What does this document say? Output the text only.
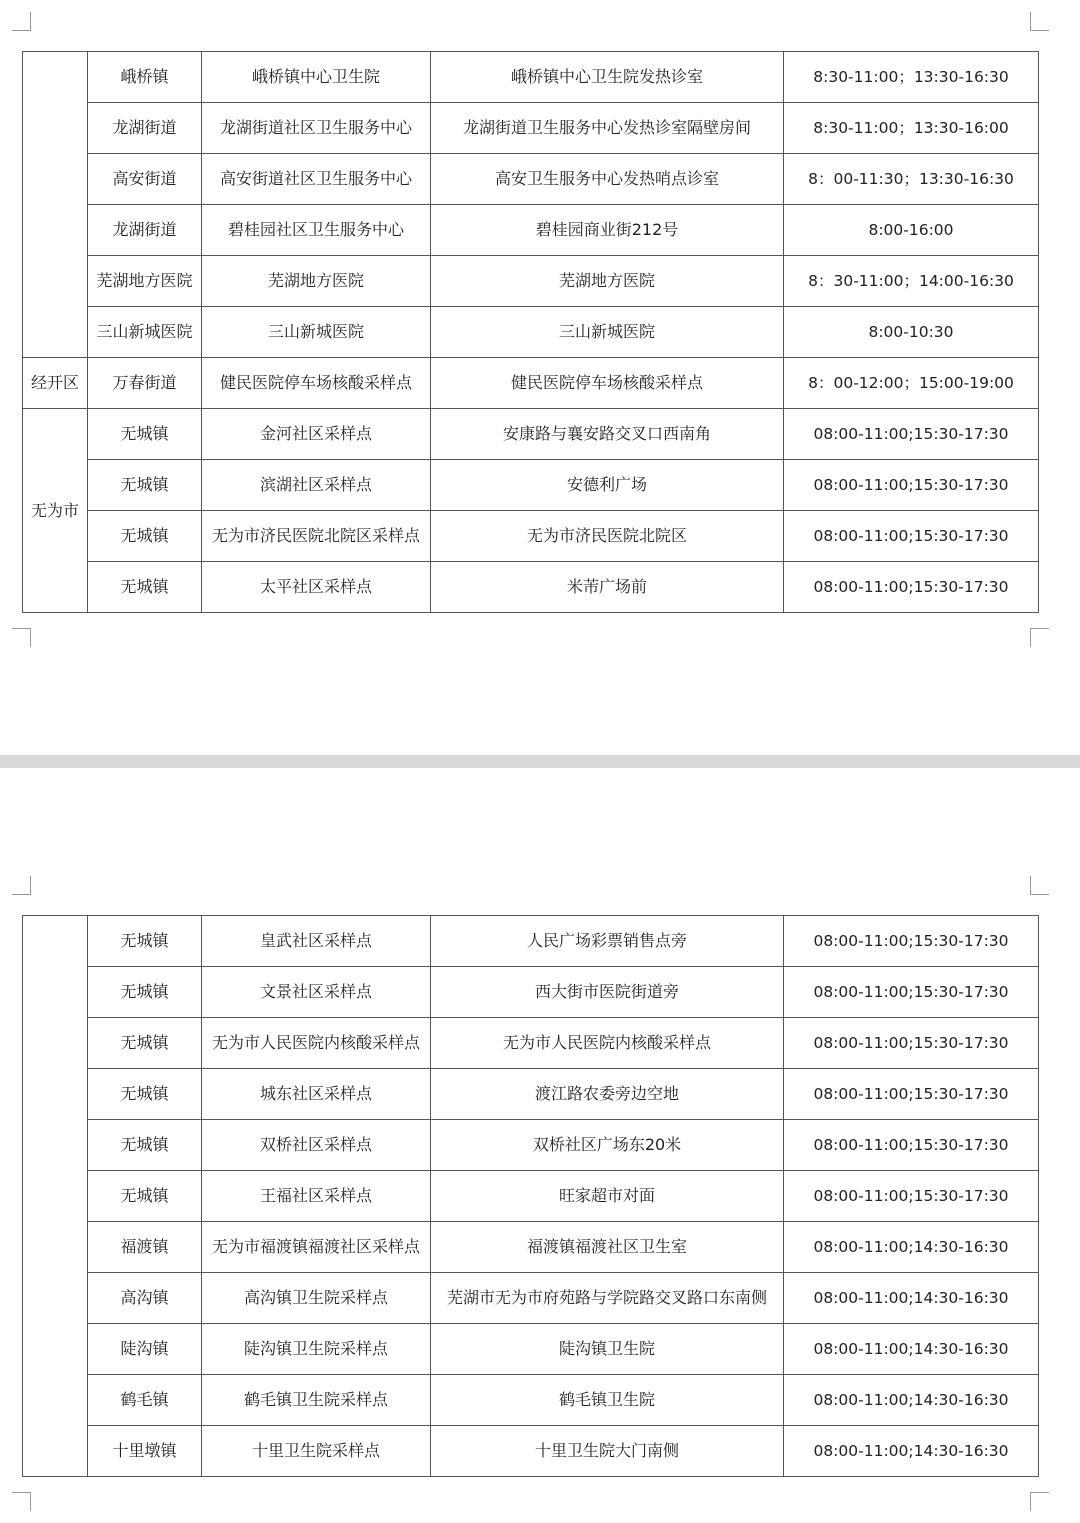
	峨桥镇	峨桥镇中心卫生院	峨桥镇中心卫生院发热诊室	8:30-11:00；13:30-16:30
	龙湖街道	龙湖街道社区卫生服务中心	龙湖街道卫生服务中心发热诊室隔壁房间	8:30-11:00；13:30-16:00
	高安街道	高安街道社区卫生服务中心	高安卫生服务中心发热哨点诊室	8：00-11:30；13:30-16:30
	龙湖街道	碧桂园社区卫生服务中心	碧桂园商业街212号	8:00-16:00
	芜湖地方医院	芜湖地方医院	芜湖地方医院	8：30-11:00；14:00-16:30
	三山新城医院	三山新城医院	三山新城医院	8:00-10:30
经开区	万春街道	健民医院停车场核酸采样点	健民医院停车场核酸采样点	8：00-12:00；15:00-19:00
无为市	无城镇	金河社区采样点	安康路与襄安路交叉口西南角	08:00-11:00;15:30-17:30
	无城镇	滨湖社区采样点	安德利广场	08:00-11:00;15:30-17:30
	无城镇	无为市济民医院北院区采样点	无为市济民医院北院区	08:00-11:00;15:30-17:30
	无城镇	太平社区采样点	米芾广场前	08:00-11:00;15:30-17:30
	无城镇	皇武社区采样点	人民广场彩票销售点旁	08:00-11:00;15:30-17:30
	无城镇	文景社区采样点	西大街市医院街道旁	08:00-11:00;15:30-17:30
	无城镇	无为市人民医院内核酸采样点	无为市人民医院内核酸采样点	08:00-11:00;15:30-17:30
	无城镇	城东社区采样点	渡江路农委旁边空地	08:00-11:00;15:30-17:30
	无城镇	双桥社区采样点	双桥社区广场东20米	08:00-11:00;15:30-17:30
	无城镇	王福社区采样点	旺家超市对面	08:00-11:00;15:30-17:30
	福渡镇	无为市福渡镇福渡社区采样点	福渡镇福渡社区卫生室	08:00-11:00;14:30-16:30
	高沟镇	高沟镇卫生院采样点	芜湖市无为市府苑路与学院路交叉路口东南侧	08:00-11:00;14:30-16:30
	陡沟镇	陡沟镇卫生院采样点	陡沟镇卫生院	08:00-11:00;14:30-16:30
	鹤毛镇	鹤毛镇卫生院采样点	鹤毛镇卫生院	08:00-11:00;14:30-16:30
	十里墩镇	十里卫生院采样点	十里卫生院大门南侧	08:00-11:00;14:30-16:30
